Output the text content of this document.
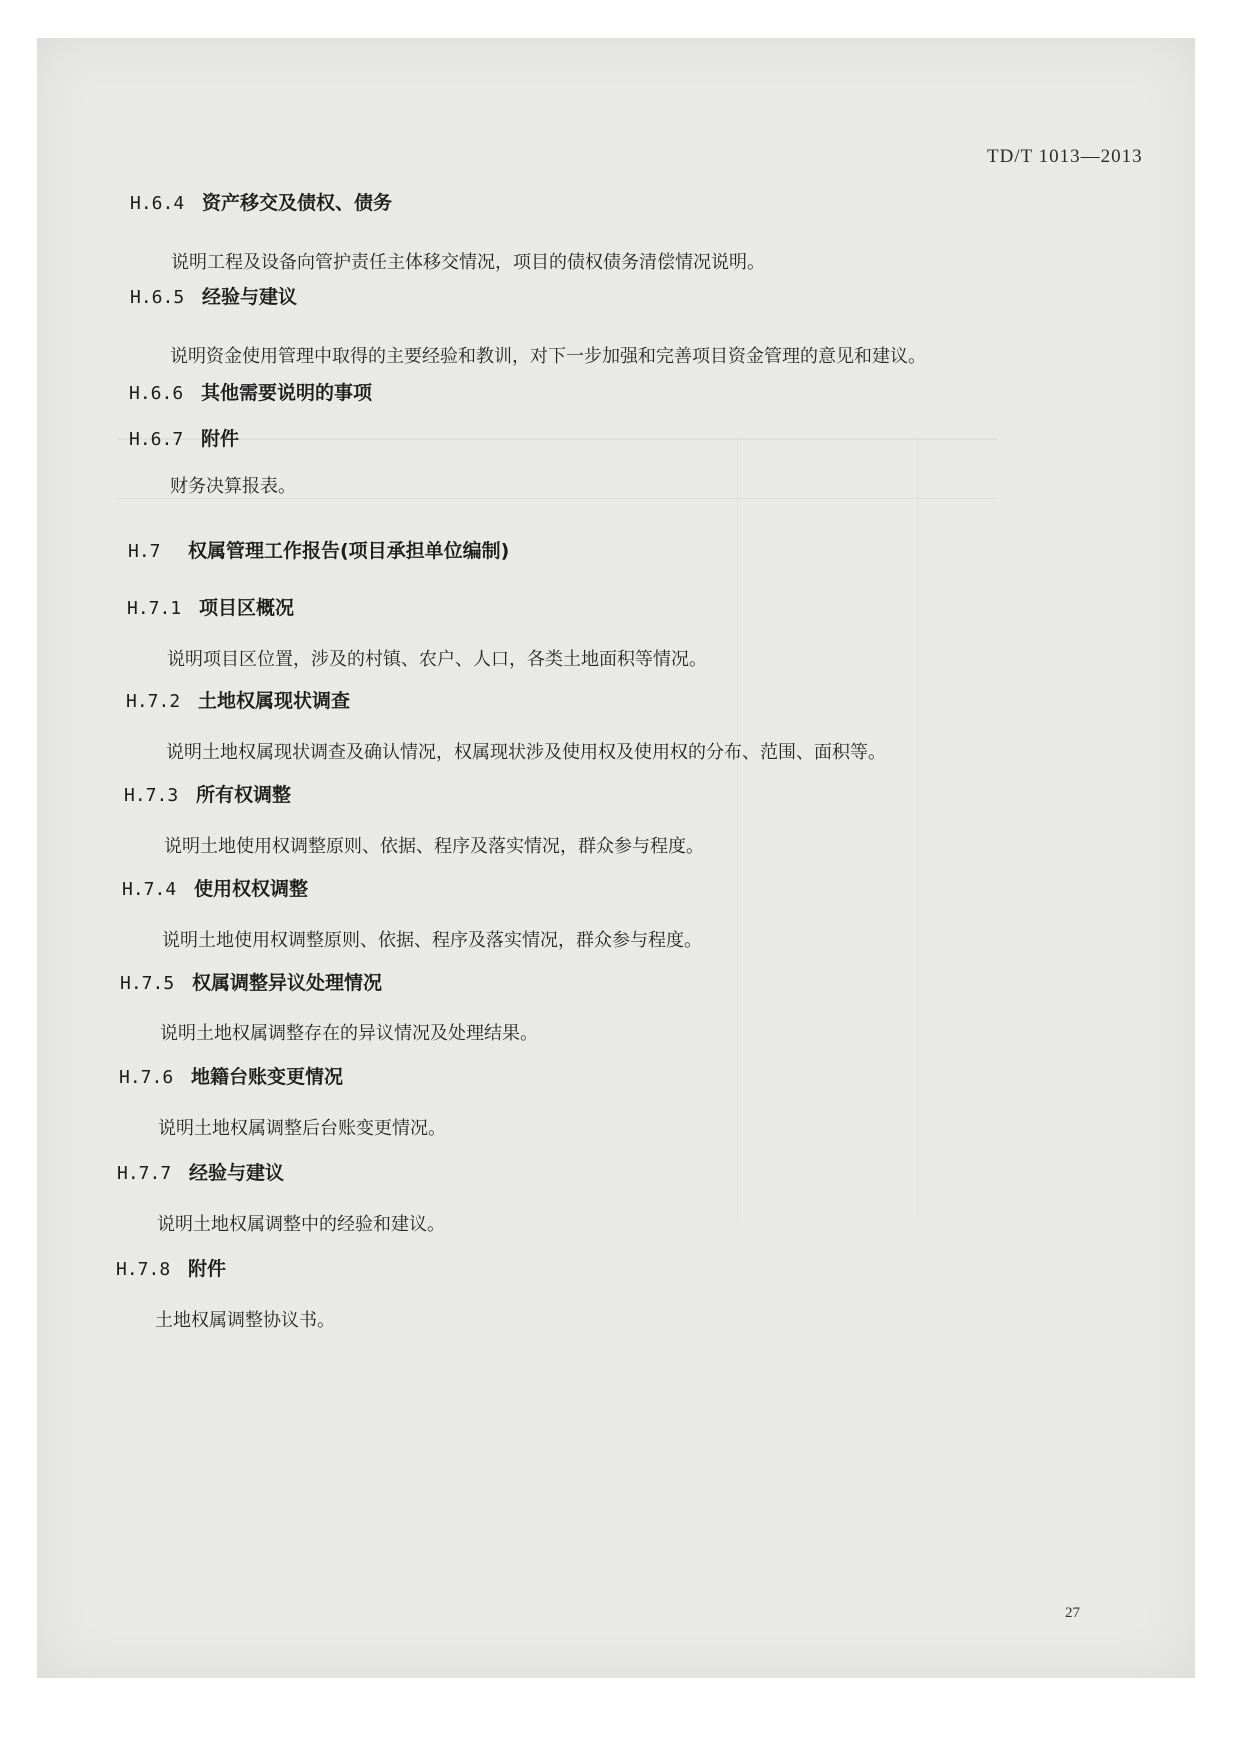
TD/T 1013—2013
H.6.4 资产移交及债权、债务
说明工程及设备向管护责任主体移交情况，项目的债权债务清偿情况说明。
H.6.5 经验与建议
说明资金使用管理中取得的主要经验和教训，对下一步加强和完善项目资金管理的意见和建议。
H.6.6 其他需要说明的事项
H.6.7 附件
财务决算报表。
H.7 权属管理工作报告(项目承担单位编制)
H.7.1 项目区概况
说明项目区位置，涉及的村镇、农户、人口，各类土地面积等情况。
H.7.2 土地权属现状调查
说明土地权属现状调查及确认情况，权属现状涉及使用权及使用权的分布、范围、面积等。
H.7.3 所有权调整
说明土地使用权调整原则、依据、程序及落实情况，群众参与程度。
H.7.4 使用权权调整
说明土地使用权调整原则、依据、程序及落实情况，群众参与程度。
H.7.5 权属调整异议处理情况
说明土地权属调整存在的异议情况及处理结果。
H.7.6 地籍台账变更情况
说明土地权属调整后台账变更情况。
H.7.7 经验与建议
说明土地权属调整中的经验和建议。
H.7.8 附件
土地权属调整协议书。
27
